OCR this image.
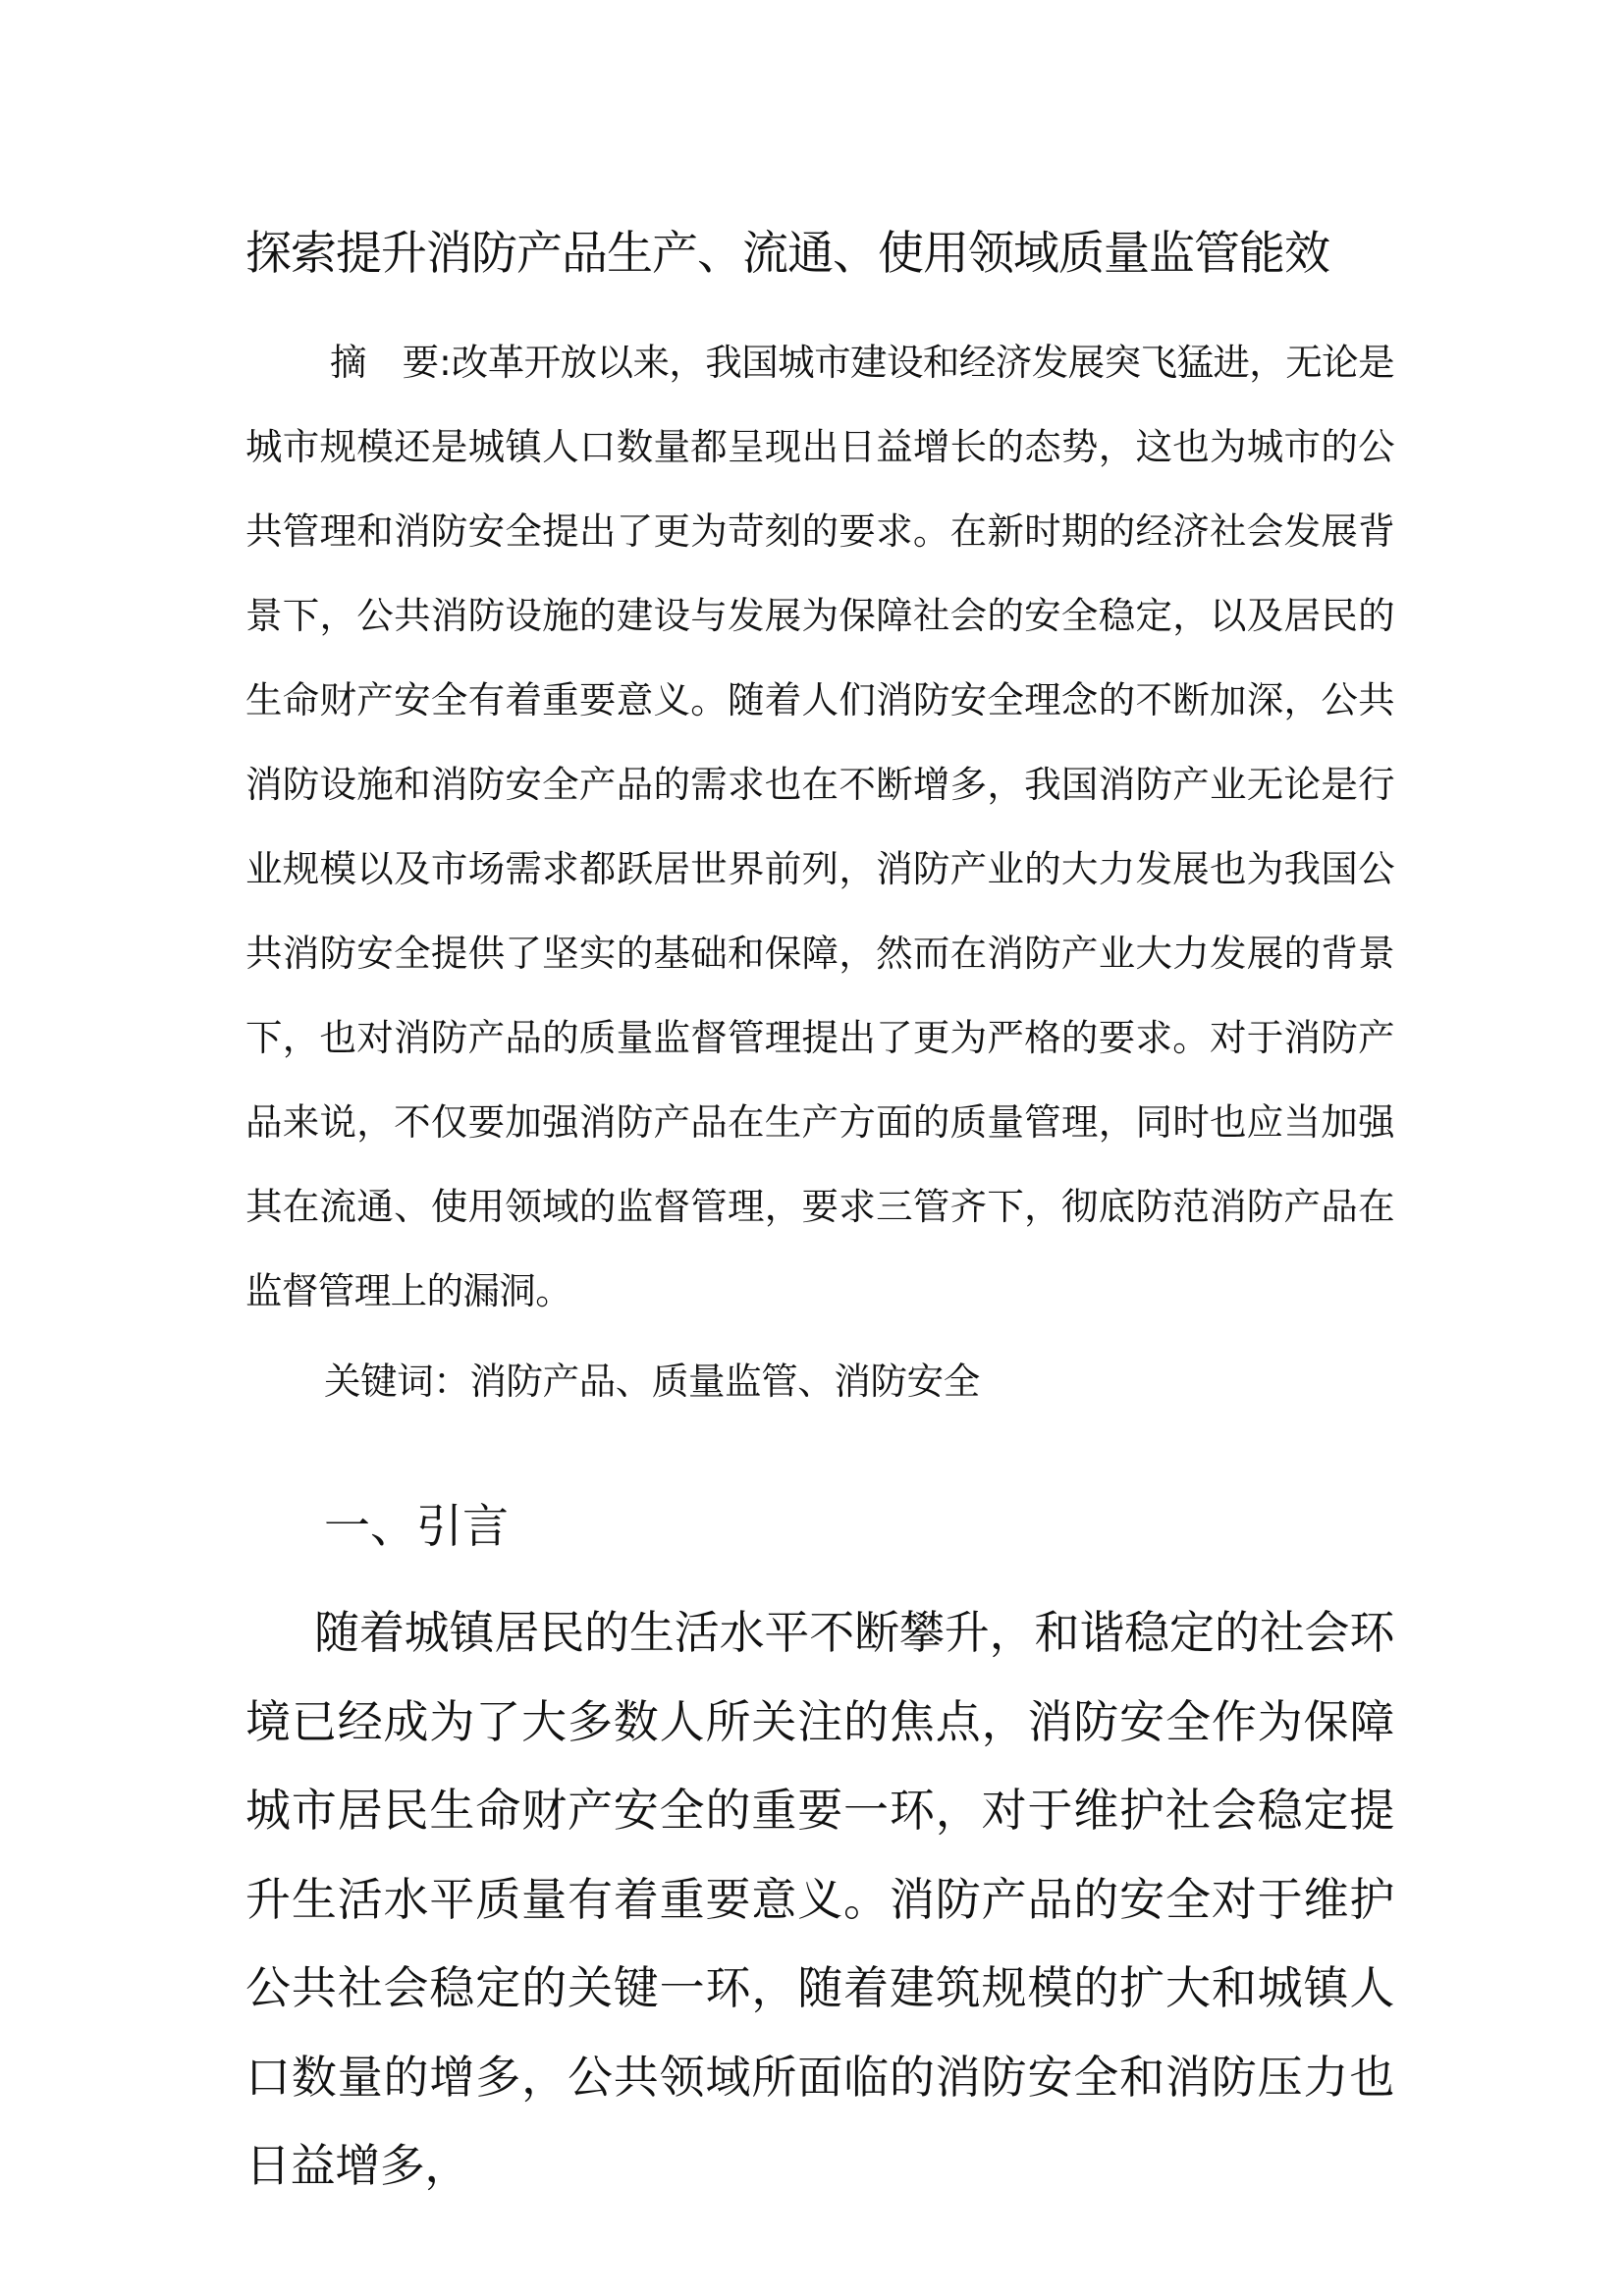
探索提升消防产品生产、流通、使用领域质量监管能效

摘 要:改革开放以来，我国城市建设和经济发展突飞猛进，无论是城市规模还是城镇人口数量都呈现出日益增长的态势，这也为城市的公共管理和消防安全提出了更为苛刻的要求。在新时期的经济社会发展背景下，公共消防设施的建设与发展为保障社会的安全稳定，以及居民的生命财产安全有着重要意义。随着人们消防安全理念的不断加深，公共消防设施和消防安全产品的需求也在不断增多，我国消防产业无论是行业规模以及市场需求都跃居世界前列，消防产业的大力发展也为我国公共消防安全提供了坚实的基础和保障，然而在消防产业大力发展的背景下，也对消防产品的质量监督管理提出了更为严格的要求。对于消防产品来说，不仅要加强消防产品在生产方面的质量管理，同时也应当加强其在流通、使用领域的监督管理，要求三管齐下，彻底防范消防产品在监督管理上的漏洞。

关键词：消防产品、质量监管、消防安全
一、引言

随着城镇居民的生活水平不断攀升，和谐稳定的社会环境已经成为了大多数人所关注的焦点，消防安全作为保障城市居民生命财产安全的重要一环，对于维护社会稳定提升生活水平质量有着重要意义。消防产品的安全对于维护公共社会稳定的关键一环，随着建筑规模的扩大和城镇人口数量的增多，公共领域所面临的消防安全和消防压力也日益增多，
